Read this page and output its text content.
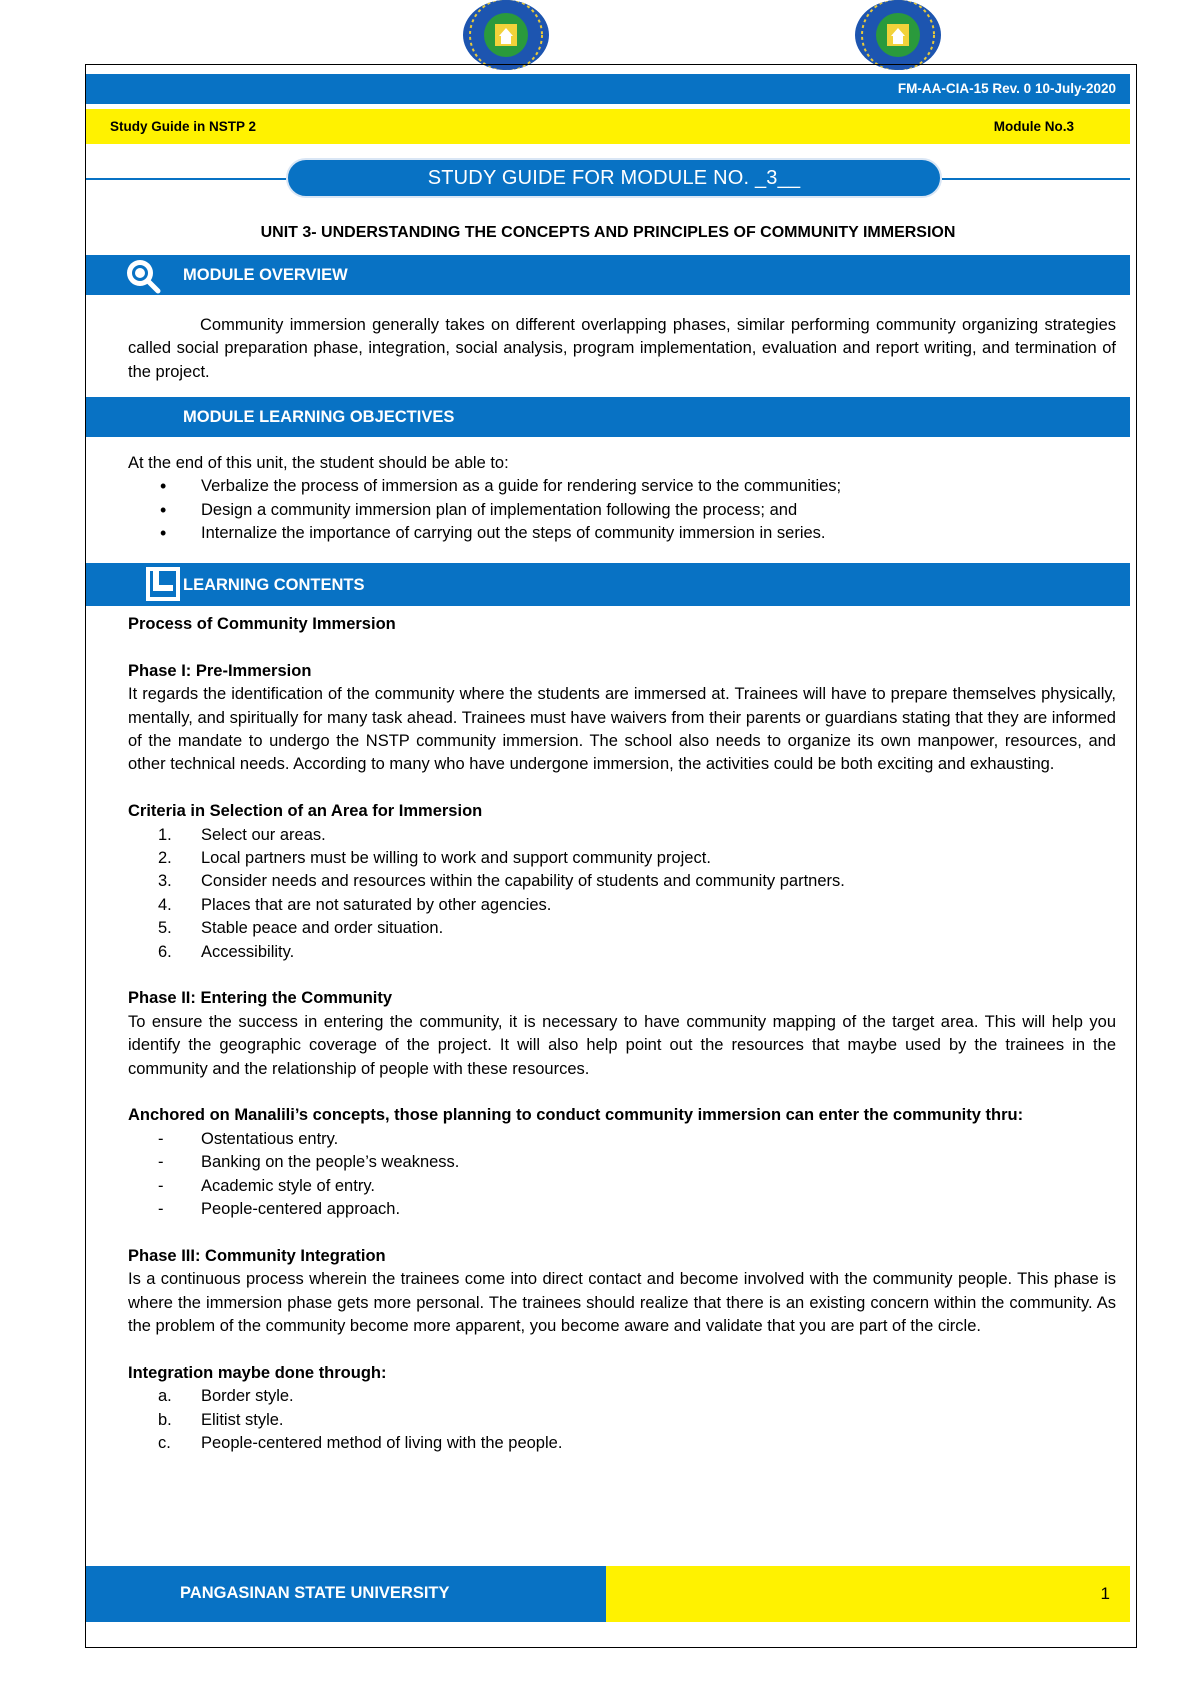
FM-AA-CIA-15 Rev. 0 10-July-2020
Study Guide in NSTP 2	Module No.3
STUDY GUIDE FOR MODULE NO. _3__
UNIT 3- UNDERSTANDING THE CONCEPTS AND PRINCIPLES OF COMMUNITY IMMERSION
MODULE OVERVIEW
Community immersion generally takes on different overlapping phases, similar performing community organizing strategies called social preparation phase, integration, social analysis, program implementation, evaluation and report writing, and termination of the project.
MODULE LEARNING OBJECTIVES
At the end of this unit, the student should be able to:
• Verbalize the process of immersion as a guide for rendering service to the communities;
• Design a community immersion plan of implementation following the process; and
• Internalize the importance of carrying out the steps of community immersion in series.
LEARNING CONTENTS
Process of Community Immersion
Phase I: Pre-Immersion
It regards the identification of the community where the students are immersed at. Trainees will have to prepare themselves physically, mentally, and spiritually for many task ahead. Trainees must have waivers from their parents or guardians stating that they are informed of the mandate to undergo the NSTP community immersion. The school also needs to organize its own manpower, resources, and other technical needs. According to many who have undergone immersion, the activities could be both exciting and exhausting.
Criteria in Selection of an Area for Immersion
1. Select our areas.
2. Local partners must be willing to work and support community project.
3. Consider needs and resources within the capability of students and community partners.
4. Places that are not saturated by other agencies.
5. Stable peace and order situation.
6. Accessibility.
Phase II: Entering the Community
To ensure the success in entering the community, it is necessary to have community mapping of the target area. This will help you identify the geographic coverage of the project. It will also help point out the resources that maybe used by the trainees in the community and the relationship of people with these resources.
Anchored on Manalili’s concepts, those planning to conduct community immersion can enter the community thru:
- Ostentatious entry.
- Banking on the people’s weakness.
- Academic style of entry.
- People-centered approach.
Phase III: Community Integration
Is a continuous process wherein the trainees come into direct contact and become involved with the community people. This phase is where the immersion phase gets more personal. The trainees should realize that there is an existing concern within the community. As the problem of the community become more apparent, you become aware and validate that you are part of the circle.
Integration maybe done through:
a. Border style.
b. Elitist style.
c. People-centered method of living with the people.
PANGASINAN STATE UNIVERSITY	1
